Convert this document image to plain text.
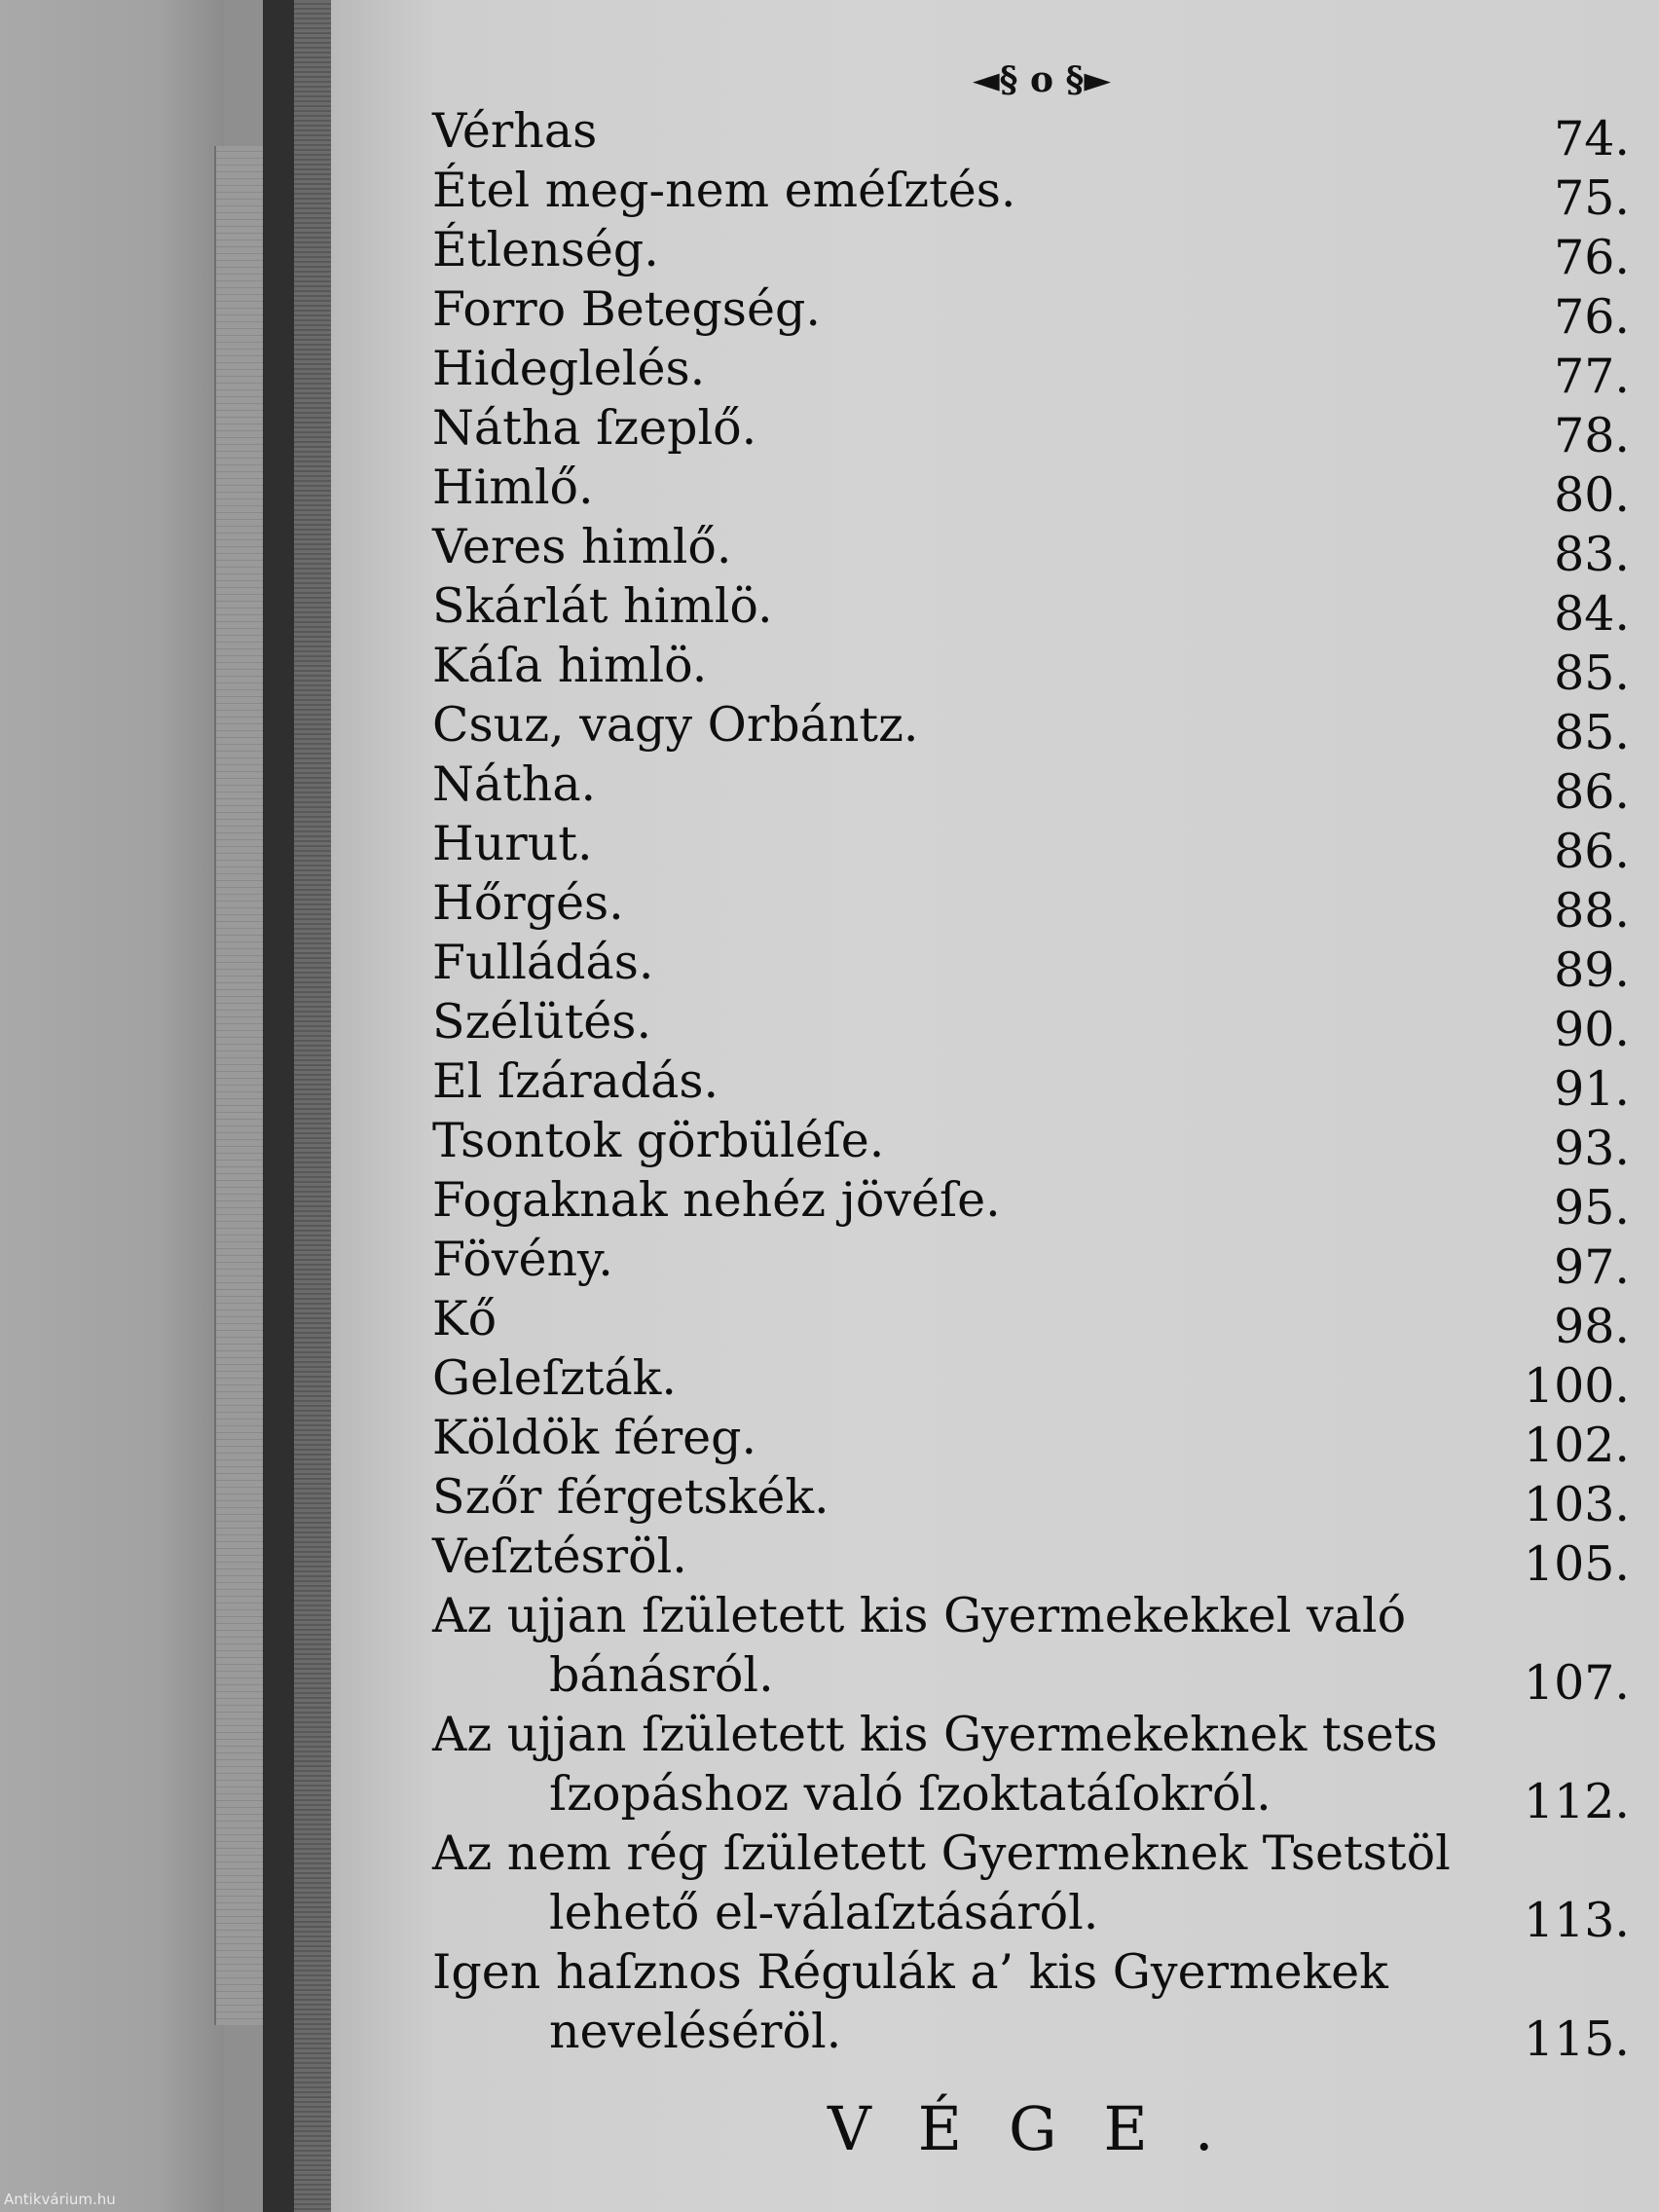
◄§ o §►
Vérhas	74.
Étel meg-nem eméſztés.	75.
Étlenség.	76.
Forro Betegség.	76.
Hideglelés.	77.
Nátha ſzeplő.	78.
Himlő.	80.
Veres himlő.	83.
Skárlát himlö.	84.
Káſa himlö.	85.
Csuz, vagy Orbántz.	85.
Nátha.	86.
Hurut.	86.
Hőrgés.	88.
Fulládás.	89.
Szélütés.	90.
El ſzáradás.	91.
Tsontok görbüléſe.	93.
Fogaknak nehéz jövéſe.	95.
Fövény.	97.
Kő	98.
Geleſzták.	100.
Köldök féreg.	102.
Szőr férgetskék.	103.
Veſztésröl.	105.
Az ujjan ſzületett kis Gyermekekkel való
bánásról.	107.
Az ujjan ſzületett kis Gyermekeknek tsets
ſzopáshoz való ſzoktatáſokról.	112.
Az nem rég ſzületett Gyermeknek Tsetstöl
lehető el-válaſztásáról.	113.
Igen haſznos Régulák a’ kis Gyermekek
neveléséröl.	115.
VÉGE.
Antikvárium.hu
